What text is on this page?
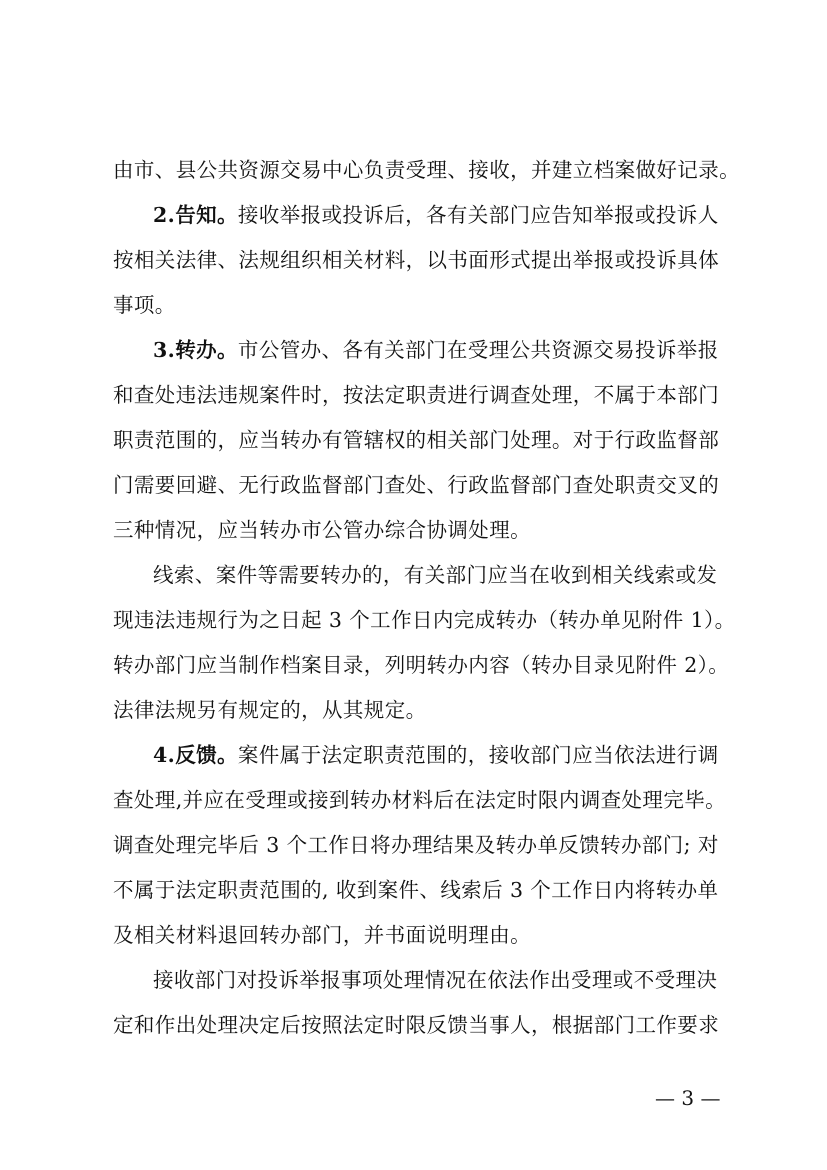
由市、县公共资源交易中心负责受理、接收，并建立档案做好记录。
2.告知。接收举报或投诉后，各有关部门应告知举报或投诉人
按相关法律、法规组织相关材料，以书面形式提出举报或投诉具体
事项。
3.转办。市公管办、各有关部门在受理公共资源交易投诉举报
和查处违法违规案件时，按法定职责进行调查处理，不属于本部门
职责范围的，应当转办有管辖权的相关部门处理。对于行政监督部
门需要回避、无行政监督部门查处、行政监督部门查处职责交叉的
三种情况，应当转办市公管办综合协调处理。
线索、案件等需要转办的，有关部门应当在收到相关线索或发
现违法违规行为之日起 3 个工作日内完成转办（转办单见附件 1）。
转办部门应当制作档案目录，列明转办内容（转办目录见附件 2）。
法律法规另有规定的，从其规定。
4.反馈。案件属于法定职责范围的，接收部门应当依法进行调
查处理,并应在受理或接到转办材料后在法定时限内调查处理完毕。
调查处理完毕后 3 个工作日将办理结果及转办单反馈转办部门; 对
不属于法定职责范围的, 收到案件、线索后 3 个工作日内将转办单
及相关材料退回转办部门，并书面说明理由。
接收部门对投诉举报事项处理情况在依法作出受理或不受理决
定和作出处理决定后按照法定时限反馈当事人，根据部门工作要求
— 3 —
